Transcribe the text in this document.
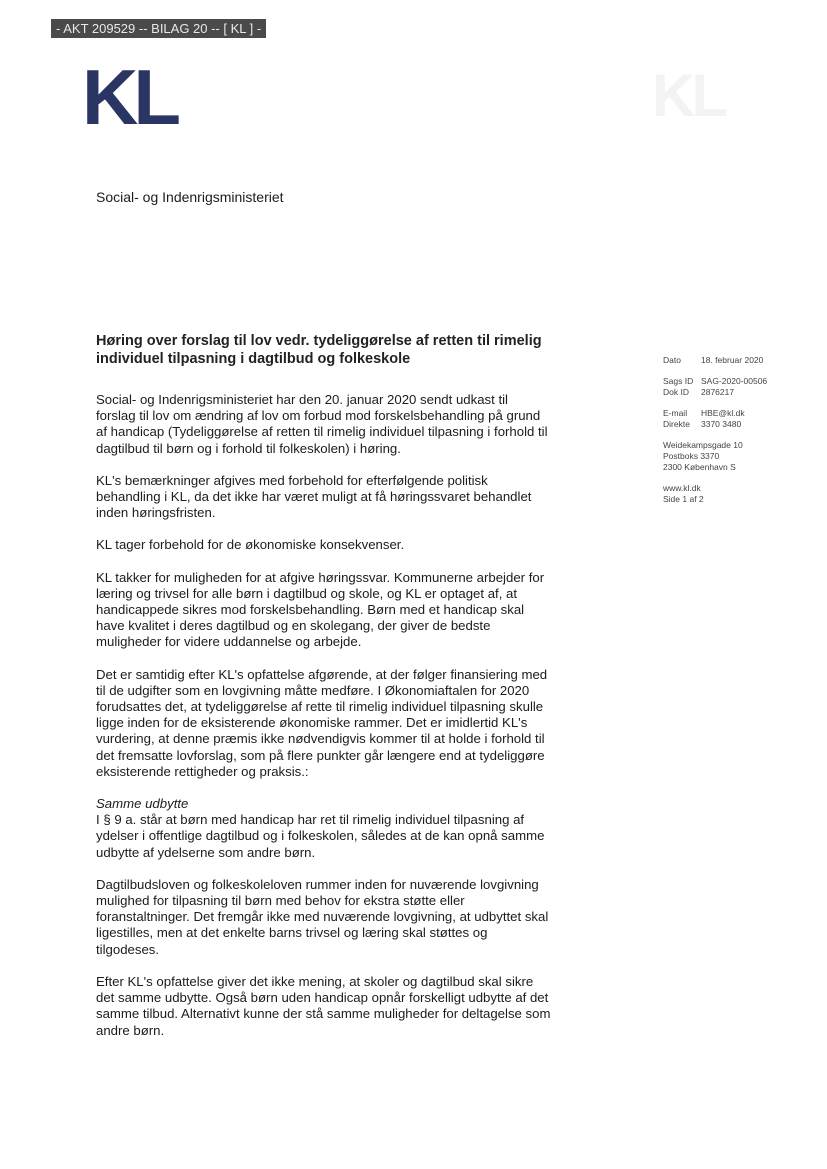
- AKT 209529 -- BILAG 20 -- [ KL ] -
KL	KL
Social- og Indenrigsministeriet
Høring over forslag til lov vedr. tydeliggørelse af retten til rimelig individuel tilpasning i dagtilbud og folkeskole	Dato 18. februar 2020
Sags ID SAG-2020-00506
Dok ID 2876217
E-mail HBE@kl.dk
Direkte 3370 3480
Weidekampsgade 10
Postboks 3370
2300 København S
www.kl.dk
Side 1 af 2

Social- og Indenrigsministeriet har den 20. januar 2020 sendt udkast til forslag til lov om ændring af lov om forbud mod forskelsbehandling på grund af handicap (Tydeliggørelse af retten til rimelig individuel tilpasning i forhold til dagtilbud til børn og i forhold til folkeskolen) i høring.

KL's bemærkninger afgives med forbehold for efterfølgende politisk behandling i KL, da det ikke har været muligt at få høringssvaret behandlet inden høringsfristen.

KL tager forbehold for de økonomiske konsekvenser.

KL takker for muligheden for at afgive høringssvar. Kommunerne arbejder for læring og trivsel for alle børn i dagtilbud og skole, og KL er optaget af, at handicappede sikres mod forskelsbehandling. Børn med et handicap skal have kvalitet i deres dagtilbud og en skolegang, der giver de bedste muligheder for videre uddannelse og arbejde.

Det er samtidig efter KL's opfattelse afgørende, at der følger finansiering med til de udgifter som en lovgivning måtte medføre. I Økonomiaftalen for 2020 forudsattes det, at tydeliggørelse af rette til rimelig individuel tilpasning skulle ligge inden for de eksisterende økonomiske rammer. Det er imidlertid KL's vurdering, at denne præmis ikke nødvendigvis kommer til at holde i forhold til det fremsatte lovforslag, som på flere punkter går længere end at tydeliggøre eksisterende rettigheder og praksis.:

Samme udbytte

I § 9 a. står at børn med handicap har ret til rimelig individuel tilpasning af ydelser i offentlige dagtilbud og i folkeskolen, således at de kan opnå samme udbytte af ydelserne som andre børn.

Dagtilbudsloven og folkeskoleloven rummer inden for nuværende lovgivning mulighed for tilpasning til børn med behov for ekstra støtte eller foranstaltninger. Det fremgår ikke med nuværende lovgivning, at udbyttet skal ligestilles, men at det enkelte barns trivsel og læring skal støttes og tilgodeses.

Efter KL's opfattelse giver det ikke mening, at skoler og dagtilbud skal sikre det samme udbytte. Også børn uden handicap opnår forskelligt udbytte af det samme tilbud. Alternativt kunne der stå samme muligheder for deltagelse som andre børn.
